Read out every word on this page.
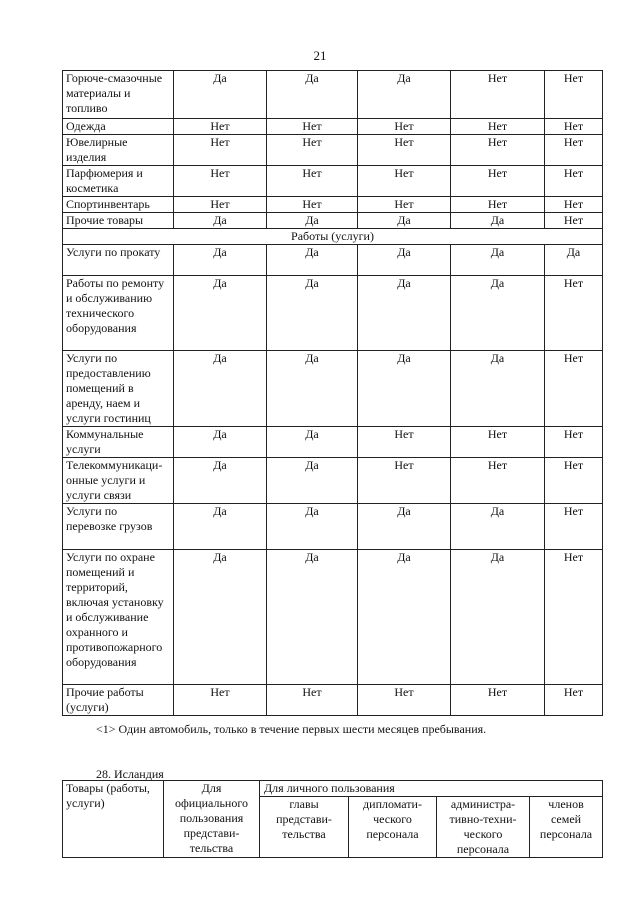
21
Горюче-смазочные материалы и топливо	Да	Да	Да	Нет	Нет
Одежда	Нет	Нет	Нет	Нет	Нет
Ювелирные изделия	Нет	Нет	Нет	Нет	Нет
Парфюмерия и косметика	Нет	Нет	Нет	Нет	Нет
Спортинвентарь	Нет	Нет	Нет	Нет	Нет
Прочие товары	Да	Да	Да	Да	Нет
Работы (услуги)					
Услуги по прокату	Да	Да	Да	Да	Да
Работы по ремонту и обслуживанию технического оборудования	Да	Да	Да	Да	Нет
Услуги по предоставлению помещений в аренду, наем и услуги гостиниц	Да	Да	Да	Да	Нет
Коммунальные услуги	Да	Да	Нет	Нет	Нет
Телекоммуникаци-онные услуги и услуги связи	Да	Да	Нет	Нет	Нет
Услуги по перевозке грузов	Да	Да	Да	Да	Нет
Услуги по охране помещений и территорий, включая установку и обслуживание охранного и противопожарного оборудования	Да	Да	Да	Да	Нет
Прочие работы (услуги)	Нет	Нет	Нет	Нет	Нет
<1> Один автомобиль, только в течение первых шести месяцев пребывания.
28. Исландия
Товары (работы, услуги)	Для официального пользования представи-тельства	Для личного пользования			
		главы представи-тельства	дипломати-ческого персонала	администра-тивно-техни-ческого персонала	членов семей персонала
